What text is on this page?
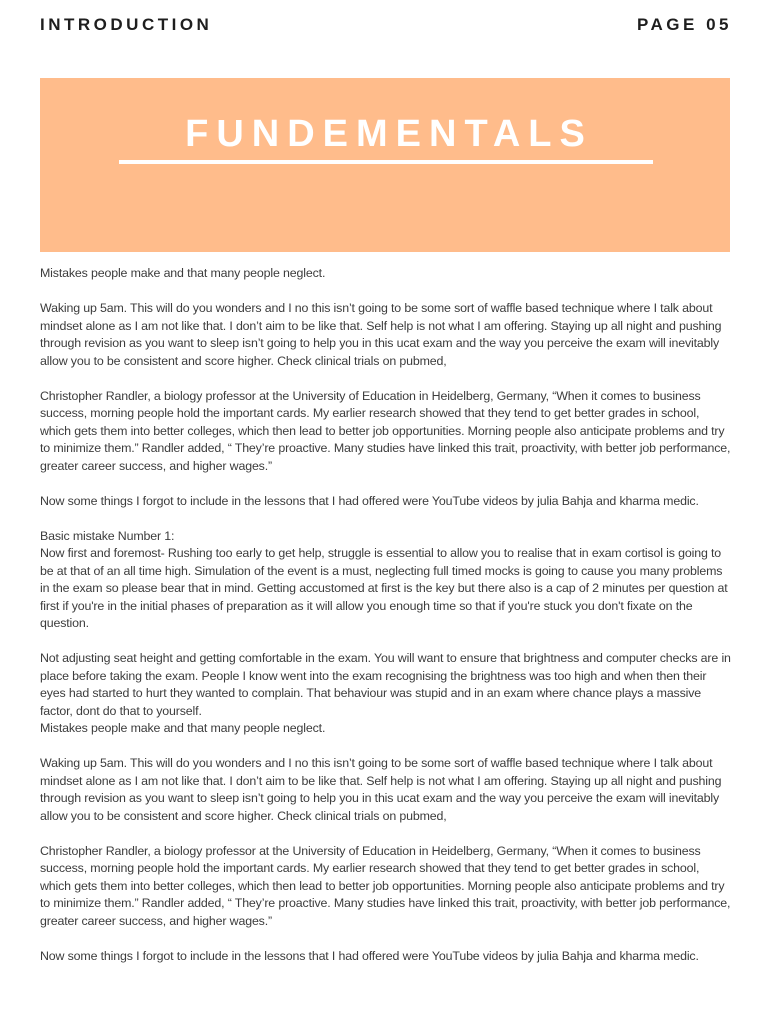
INTRODUCTION	PAGE 05
FUNDEMENTALS

Mistakes people make and that many people neglect.

Waking up 5am. This will do you wonders and I no this isn’t going to be some sort of waffle based technique where I talk about mindset alone as I am not like that. I don’t aim to be like that. Self help is not what I am offering. Staying up all night and pushing through revision as you want to sleep isn’t going to help you in this ucat exam and the way you perceive the exam will inevitably allow you to be consistent and score higher. Check clinical trials on pubmed,

Christopher Randler, a biology professor at the University of Education in Heidelberg, Germany, “When it comes to business success, morning people hold the important cards. My earlier research showed that they tend to get better grades in school, which gets them into better colleges, which then lead to better job opportunities. Morning people also anticipate problems and try to minimize them.” Randler added, “ They’re proactive. Many studies have linked this trait, proactivity, with better job performance, greater career success, and higher wages.”

Now some things I forgot to include in the lessons that I had offered were YouTube videos by julia Bahja and kharma medic.

Basic mistake Number 1:

Now first and foremost- Rushing too early to get help, struggle is essential to allow you to realise that in exam cortisol is going to be at that of an all time high. Simulation of the event is a must, neglecting full timed mocks is going to cause you many problems in the exam so please bear that in mind. Getting accustomed at first is the key but there also is a cap of 2 minutes per question at first if you're in the initial phases of preparation as it will allow you enough time so that if you're stuck you don't fixate on the question.

Not adjusting seat height and getting comfortable in the exam. You will want to ensure that brightness and computer checks are in place before taking the exam. People I know went into the exam recognising the brightness was too high and when then their eyes had started to hurt they wanted to complain. That behaviour was stupid and in an exam where chance plays a massive factor, dont do that to yourself.

Mistakes people make and that many people neglect.

Waking up 5am. This will do you wonders and I no this isn’t going to be some sort of waffle based technique where I talk about mindset alone as I am not like that. I don’t aim to be like that. Self help is not what I am offering. Staying up all night and pushing through revision as you want to sleep isn’t going to help you in this ucat exam and the way you perceive the exam will inevitably allow you to be consistent and score higher. Check clinical trials on pubmed,

Christopher Randler, a biology professor at the University of Education in Heidelberg, Germany, “When it comes to business success, morning people hold the important cards. My earlier research showed that they tend to get better grades in school, which gets them into better colleges, which then lead to better job opportunities. Morning people also anticipate problems and try to minimize them.” Randler added, “ They’re proactive. Many studies have linked this trait, proactivity, with better job performance, greater career success, and higher wages.”

Now some things I forgot to include in the lessons that I had offered were YouTube videos by julia Bahja and kharma medic.
